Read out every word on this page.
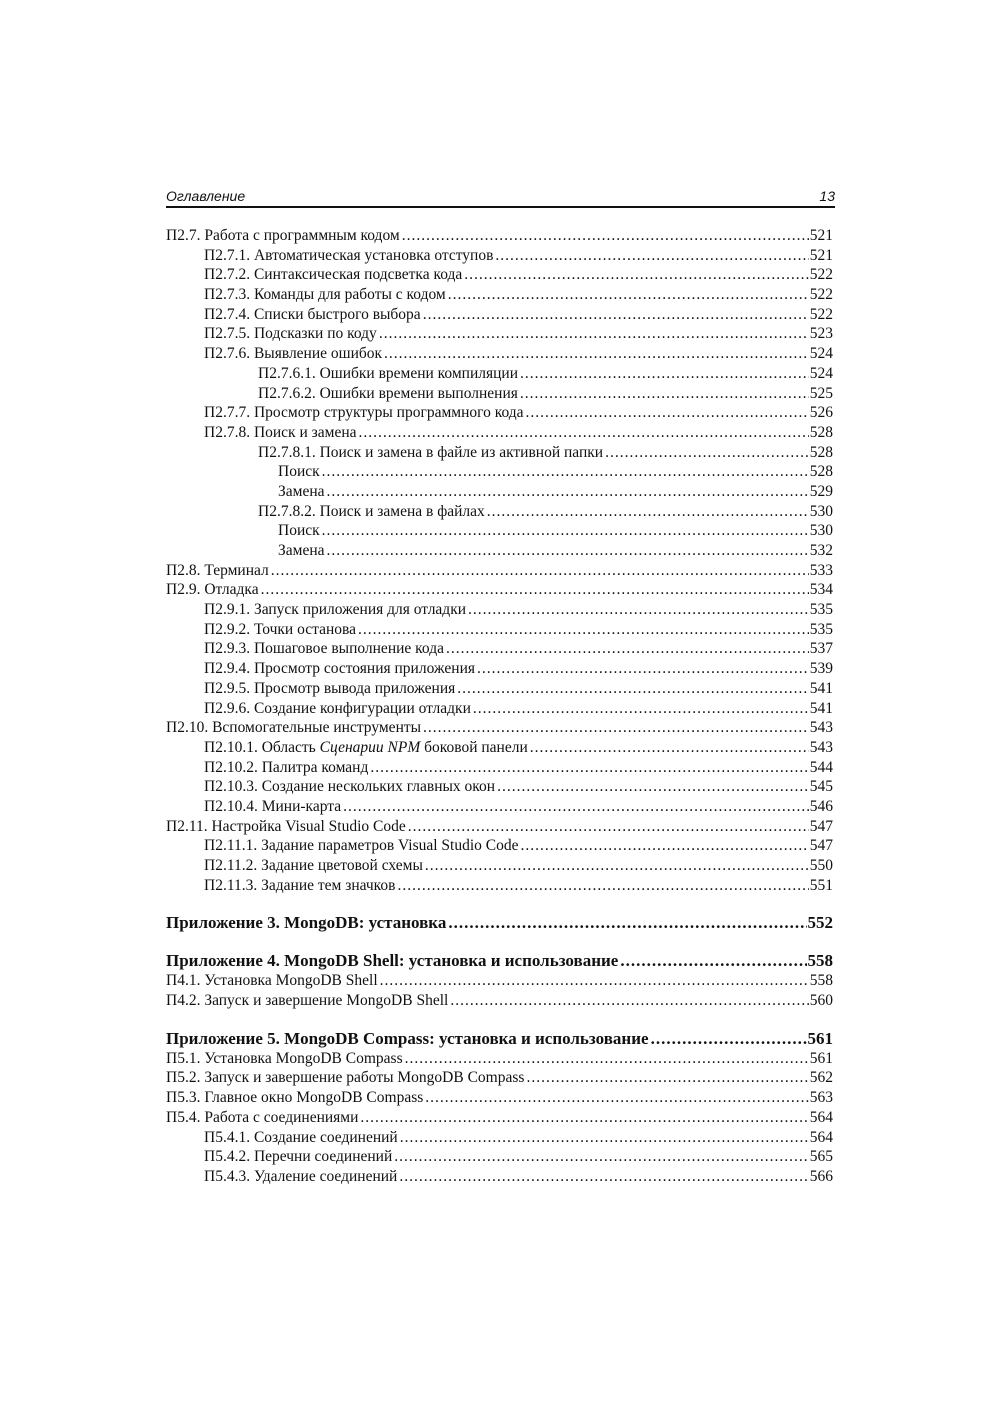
Оглавление	13
П2.7. Работа с программным кодом .....	521
П2.7.1. Автоматическая установка отступов .....	521
П2.7.2. Синтаксическая подсветка кода .....	522
П2.7.3. Команды для работы с кодом .....	522
П2.7.4. Списки быстрого выбора .....	522
П2.7.5. Подсказки по коду .....	523
П2.7.6. Выявление ошибок .....	524
П2.7.6.1. Ошибки времени компиляции .....	524
П2.7.6.2. Ошибки времени выполнения .....	525
П2.7.7. Просмотр структуры программного кода .....	526
П2.7.8. Поиск и замена .....	528
П2.7.8.1. Поиск и замена в файле из активной папки .....	528
Поиск .....	528
Замена .....	529
П2.7.8.2. Поиск и замена в файлах .....	530
Поиск .....	530
Замена .....	532
П2.8. Терминал .....	533
П2.9. Отладка .....	534
П2.9.1. Запуск приложения для отладки .....	535
П2.9.2. Точки останова .....	535
П2.9.3. Пошаговое выполнение кода .....	537
П2.9.4. Просмотр состояния приложения .....	539
П2.9.5. Просмотр вывода приложения .....	541
П2.9.6. Создание конфигурации отладки .....	541
П2.10. Вспомогательные инструменты .....	543
П2.10.1. Область Сценарии NPM боковой панели .....	543
П2.10.2. Палитра команд .....	544
П2.10.3. Создание нескольких главных окон .....	545
П2.10.4. Мини-карта .....	546
П2.11. Настройка Visual Studio Code .....	547
П2.11.1. Задание параметров Visual Studio Code .....	547
П2.11.2. Задание цветовой схемы .....	550
П2.11.3. Задание тем значков .....	551
Приложение 3. MongoDB: установка .....	552
Приложение 4. MongoDB Shell: установка и использование .....	558
П4.1. Установка MongoDB Shell .....	558
П4.2. Запуск и завершение MongoDB Shell .....	560
Приложение 5. MongoDB Compass: установка и использование .....	561
П5.1. Установка MongoDB Compass .....	561
П5.2. Запуск и завершение работы MongoDB Compass .....	562
П5.3. Главное окно MongoDB Compass .....	563
П5.4. Работа с соединениями .....	564
П5.4.1. Создание соединений .....	564
П5.4.2. Перечни соединений .....	565
П5.4.3. Удаление соединений .....	566
